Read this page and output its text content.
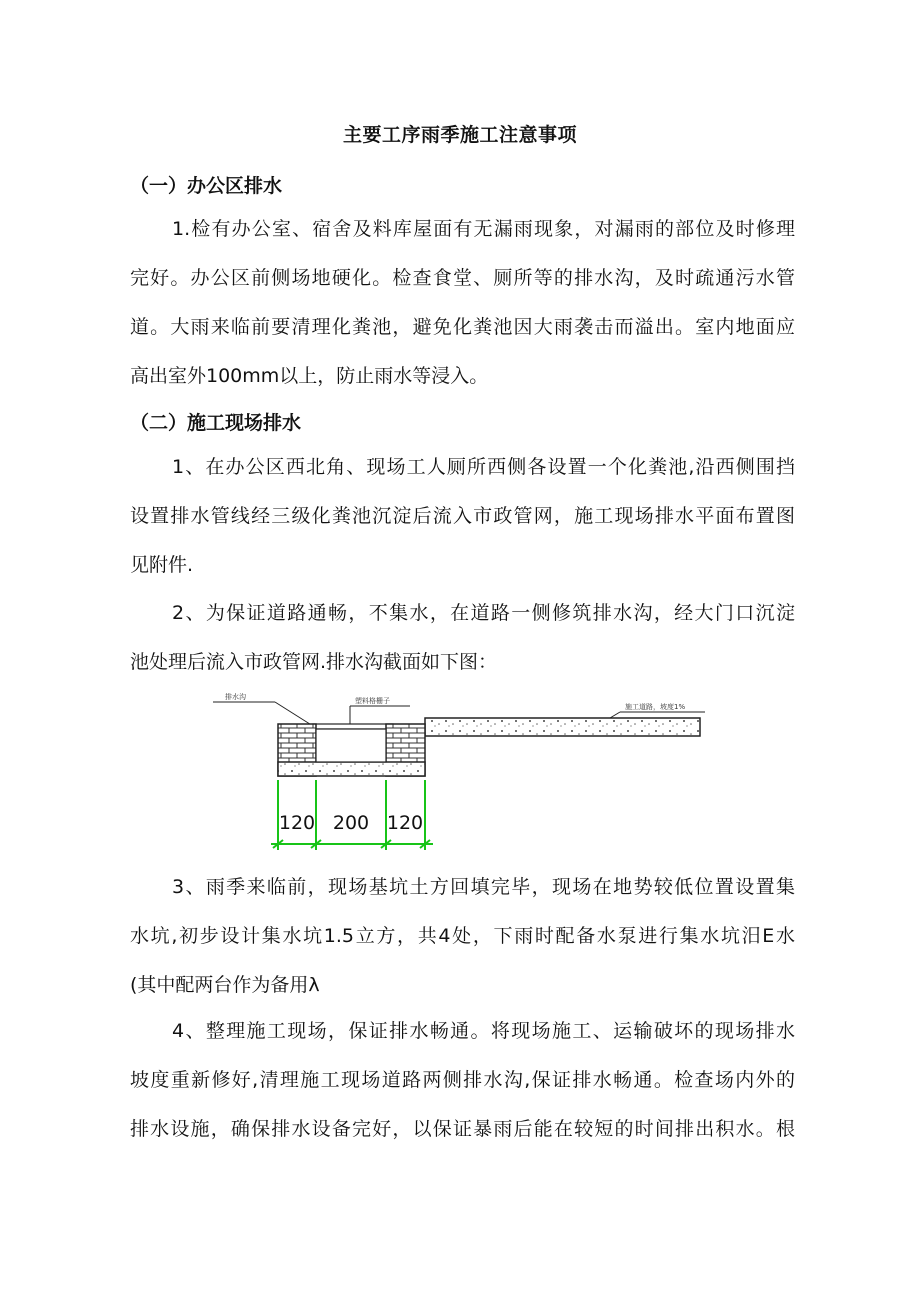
主要工序雨季施工注意事项
（一）办公区排水
1.检有办公室、宿舍及料库屋面有无漏雨现象，对漏雨的部位及时修理
完好。办公区前侧场地硬化。检查食堂、厕所等的排水沟，及时疏通污水管
道。大雨来临前要清理化粪池，避免化粪池因大雨袭击而溢出。室内地面应
高出室外100mm以上，防止雨水等浸入。
（二）施工现场排水
1、在办公区西北角、现场工人厕所西侧各设置一个化粪池,沿西侧围挡
设置排水管线经三级化粪池沉淀后流入市政管网，施工现场排水平面布置图
见附件.
2、为保证道路通畅，不集水，在道路一侧修筑排水沟，经大门口沉淀
池处理后流入市政管网.排水沟截面如下图：
排水沟	塑料格栅子
施工道路，坡度1%
120 200 120
3、雨季来临前，现场基坑土方回填完毕，现场在地势较低位置设置集
水坑,初步设计集水坑1.5立方，共4处，下雨时配备水泵进行集水坑汨E水
(其中配两台作为备用λ
4、整理施工现场，保证排水畅通。将现场施工、运输破坏的现场排水
坡度重新修好,清理施工现场道路两侧排水沟,保证排水畅通。检查场内外的
排水设施，确保排水设备完好，以保证暴雨后能在较短的时间排出积水。根
